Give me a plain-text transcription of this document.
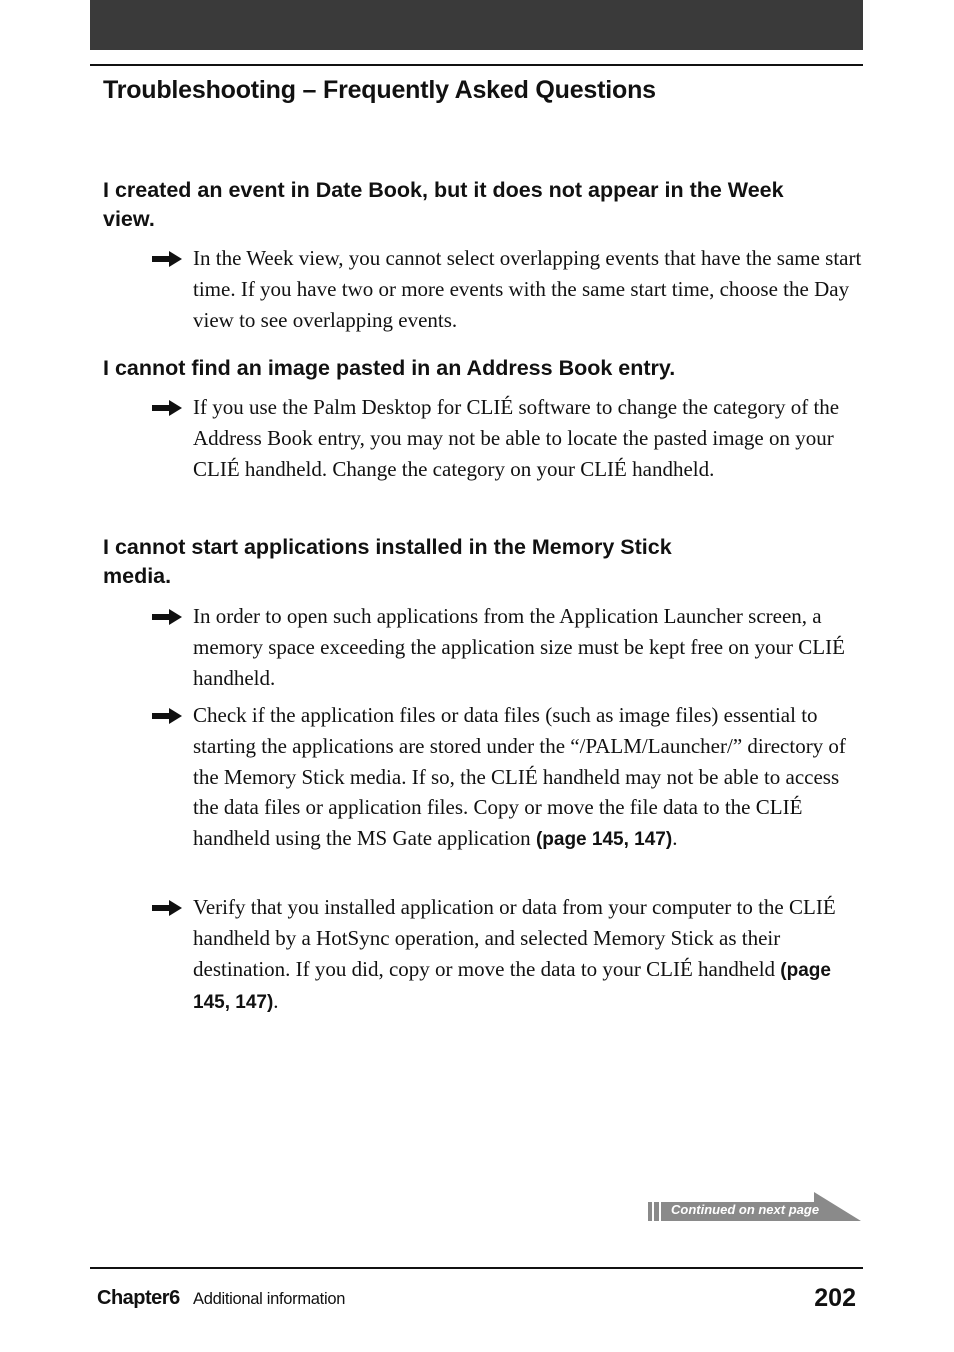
Troubleshooting – Frequently Asked Questions
I created an event in Date Book, but it does not appear in the Week view.
In the Week view, you cannot select overlapping events that have the same start time. If you have two or more events with the same start time, choose the Day view to see overlapping events.
I cannot find an image pasted in an Address Book entry.
If you use the Palm Desktop for CLIÉ software to change the category of the Address Book entry, you may not be able to locate the pasted image on your CLIÉ handheld. Change the category on your CLIÉ handheld.
I cannot start applications installed in the Memory Stick media.
In order to open such applications from the Application Launcher screen, a memory space exceeding the application size must be kept free on your CLIÉ handheld.
Check if the application files or data files (such as image files) essential to starting the applications are stored under the “/PALM/Launcher/” directory of the Memory Stick media. If so, the CLIÉ handheld may not be able to access the data files or application files. Copy or move the file data to the CLIÉ handheld using the MS Gate application (page 145, 147).
Verify that you installed application or data from your computer to the CLIÉ handheld by a HotSync operation, and selected Memory Stick as their destination. If you did, copy or move the data to your CLIÉ handheld (page 145, 147).
Continued on next page
Chapter6 Additional information	202
